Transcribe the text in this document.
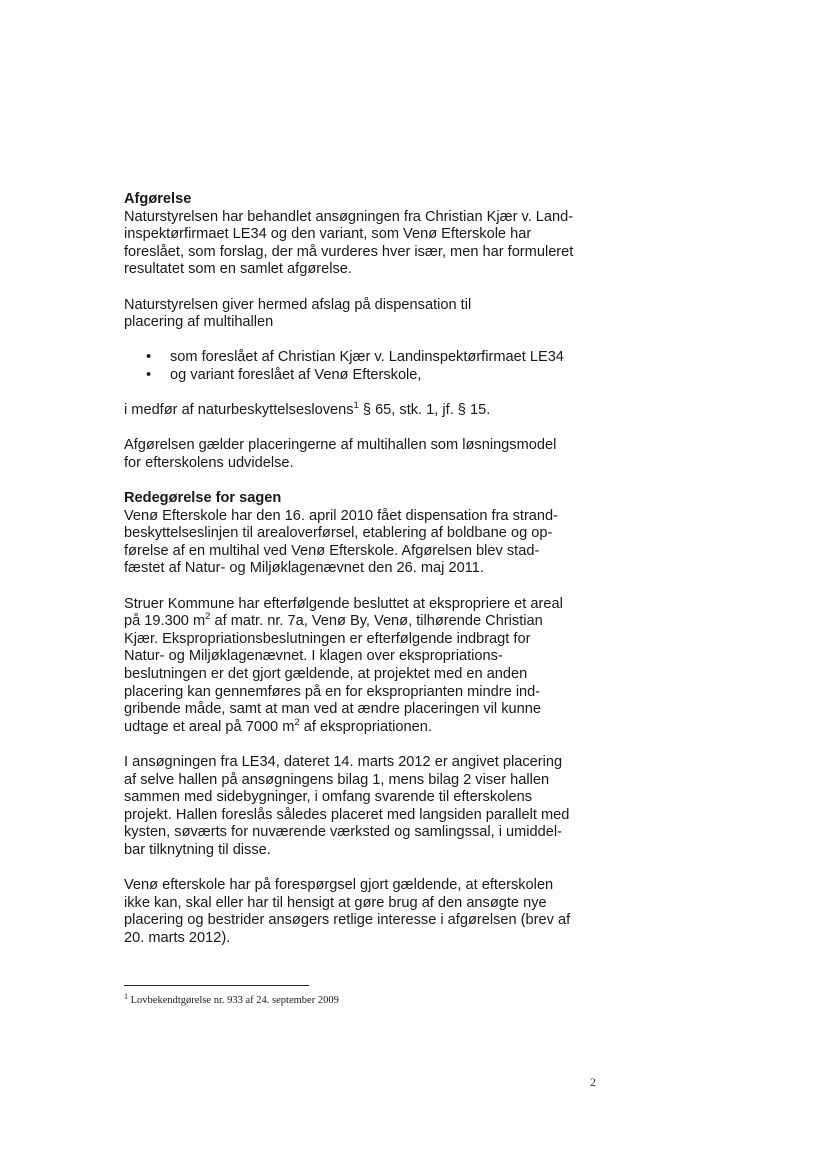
Afgørelse

Naturstyrelsen har behandlet ansøgningen fra Christian Kjær v. Land-

inspektørfirmaet LE34 og den variant, som Venø Efterskole har

foreslået, som forslag, der må vurderes hver især, men har formuleret

resultatet som en samlet afgørelse.

Naturstyrelsen giver hermed afslag på dispensation til

placering af multihallen

• som foreslået af Christian Kjær v. Landinspektørfirmaet LE34
• og variant foreslået af Venø Efterskole,

i medfør af naturbeskyttelseslovens$^1$ § 65, stk. 1, jf. § 15.

Afgørelsen gælder placeringerne af multihallen som løsningsmodel

for efterskolens udvidelse.

Redegørelse for sagen

Venø Efterskole har den 16. april 2010 fået dispensation fra strand-

beskyttelseslinjen til arealoverførsel, etablering af boldbane og op-

førelse af en multihal ved Venø Efterskole. Afgørelsen blev stad-

fæstet af Natur- og Miljøklagenævnet den 26. maj 2011.

Struer Kommune har efterfølgende besluttet at ekspropriere et areal

på 19.300 $m^2$ af matr. nr. 7a, Venø By, Venø, tilhørende Christian

Kjær. Ekspropriationsbeslutningen er efterfølgende indbragt for

Natur- og Miljøklagenævnet. I klagen over ekspropriations-

beslutningen er det gjort gældende, at projektet med en anden

placering kan gennemføres på en for eksproprianten mindre ind-

gribende måde, samt at man ved at ændre placeringen vil kunne

udtage et areal på 7000 $m^2$ af ekspropriationen.

I ansøgningen fra LE34, dateret 14. marts 2012 er angivet placering

af selve hallen på ansøgningens bilag 1, mens bilag 2 viser hallen

sammen med sidebygninger, i omfang svarende til efterskolens

projekt. Hallen foreslås således placeret med langsiden parallelt med

kysten, søværts for nuværende værksted og samlingssal, i umiddel-

bar tilknytning til disse.

Venø efterskole har på forespørgsel gjort gældende, at efterskolen

ikke kan, skal eller har til hensigt at gøre brug af den ansøgte nye

placering og bestrider ansøgers retlige interesse i afgørelsen (brev af

20. marts 2012).

$^1$ Lovbekendtgørelse nr. 933 af 24. september 2009
2
